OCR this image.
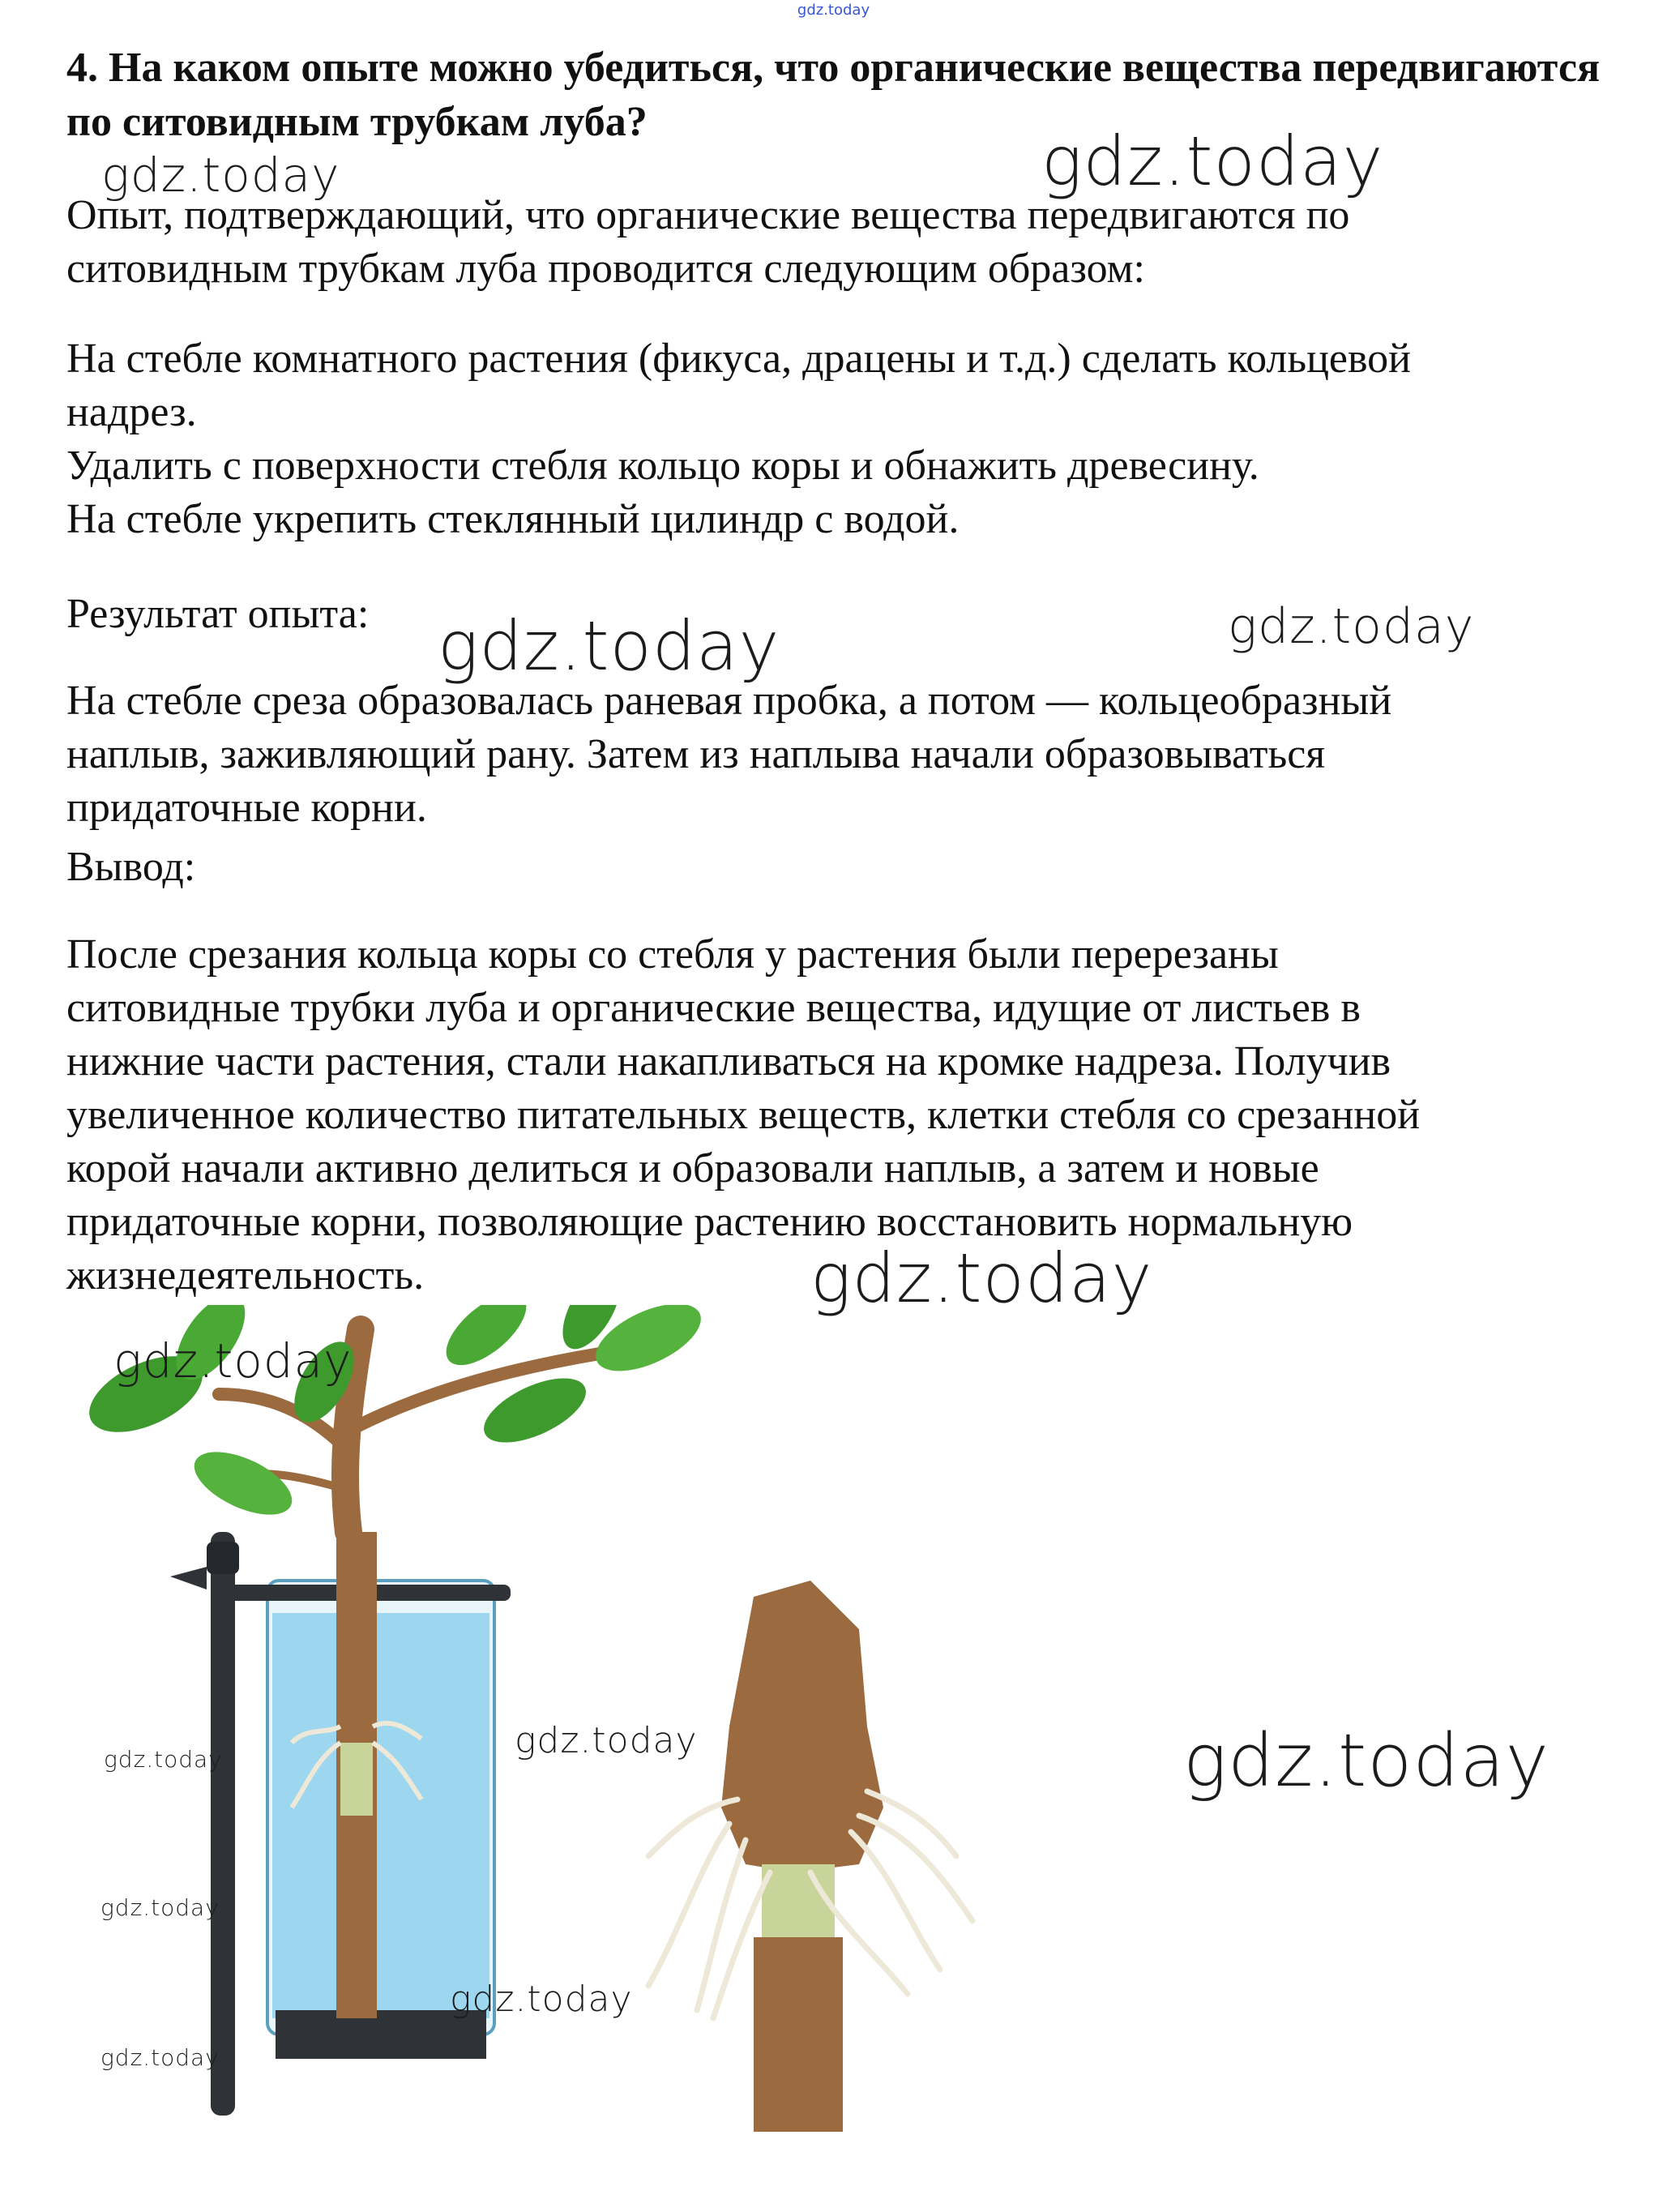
gdz.today
4. На каком опыте можно убедиться, что органические вещества передвигаются по ситовидным трубкам луба?
Опыт, подтверждающий, что органические вещества передвигаются по
ситовидным трубкам луба проводится следующим образом:
На стебле комнатного растения (фикуса, драцены и т.д.) сделать кольцевой
надрез.
Удалить с поверхности стебля кольцо коры и обнажить древесину.
На стебле укрепить стеклянный цилиндр с водой.
Результат опыта:
На стебле среза образовалась раневая пробка, а потом — кольцеобразный
наплыв, заживляющий рану. Затем из наплыва начали образовываться
придаточные корни.
Вывод:
После срезания кольца коры со стебля у растения были перерезаны
ситовидные трубки луба и органические вещества, идущие от листьев в
нижние части растения, стали накапливаться на кромке надреза. Получив
увеличенное количество питательных веществ, клетки стебля со срезанной
корой начали активно делиться и образовали наплыв, а затем и новые
придаточные корни, позволяющие растению восстановить нормальную
жизнедеятельность.
gdz.today	gdz.today
gdz.today	gdz.today
gdz.today
gdz.today
gdz.today
gdz.today
gdz.today
gdz.today
gdz.today
gdz.today
